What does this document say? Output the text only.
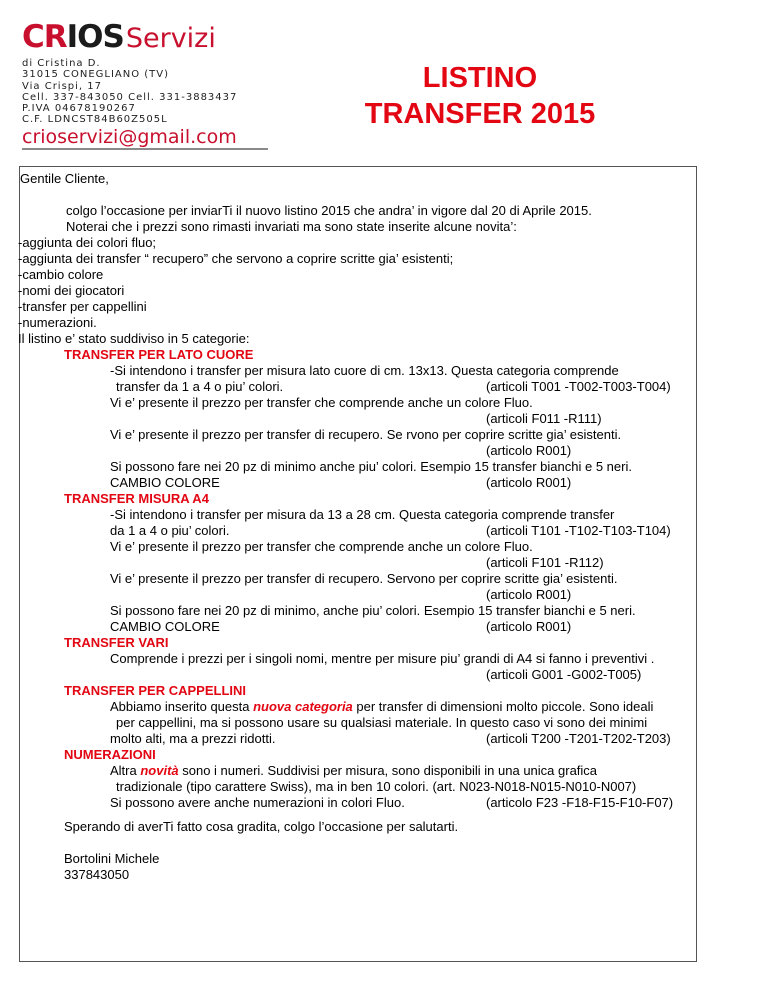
CRIOSServizi
di Cristina D.
31015 CONEGLIANO (TV)
Via Crispi, 17
Cell. 337-843050 Cell. 331-3883437
P.IVA 04678190267
C.F. LDNCST84B60Z505L
crioservizi@gmail.com
LISTINO
TRANSFER 2015
Gentile Cliente,
colgo l’occasione per inviarTi il nuovo listino 2015 che andra’ in vigore dal 20 di Aprile 2015.
Noterai che i prezzi sono rimasti invariati ma sono state inserite alcune novita’:
-aggiunta dei colori fluo;
-aggiunta dei transfer “ recupero” che servono a coprire scritte gia’ esistenti;
-cambio colore
-nomi dei giocatori
-transfer per cappellini
-numerazioni.
Il listino e’ stato suddiviso in 5 categorie:
TRANSFER PER LATO CUORE
-Si intendono i transfer per misura lato cuore di cm. 13x13. Questa categoria comprende
transfer da 1 a 4 o piu’ colori.	(articoli T001 -T002-T003-T004)
Vi e’ presente il prezzo per transfer che comprende anche un colore Fluo.
(articoli F011 -R111)
Vi e’ presente il prezzo per transfer di recupero. Se rvono per coprire scritte gia’ esistenti.
(articolo R001)
Si possono fare nei 20 pz di minimo anche piu’ colori. Esempio 15 transfer bianchi e 5 neri.
CAMBIO COLORE	(articolo R001)
TRANSFER MISURA A4
-Si intendono i transfer per misura da 13 a 28 cm. Questa categoria comprende transfer
da 1 a 4 o piu’ colori.	(articoli T101 -T102-T103-T104)
Vi e’ presente il prezzo per transfer che comprende anche un colore Fluo.
(articoli F101 -R112)
Vi e’ presente il prezzo per transfer di recupero. Servono per coprire scritte gia’ esistenti.
(articolo R001)
Si possono fare nei 20 pz di minimo, anche piu’ colori. Esempio 15 transfer bianchi e 5 neri.
CAMBIO COLORE	(articolo R001)
TRANSFER VARI
Comprende i prezzi per i singoli nomi, mentre per misure piu’ grandi di A4 si fanno i preventivi .
(articoli G001 -G002-T005)
TRANSFER PER CAPPELLINI
Abbiamo inserito questa nuova categoria per transfer di dimensioni molto piccole. Sono ideali
per cappellini, ma si possono usare su qualsiasi materiale. In questo caso vi sono dei minimi
molto alti, ma a prezzi ridotti.	(articoli T200 -T201-T202-T203)
NUMERAZIONI
Altra novità sono i numeri. Suddivisi per misura, sono disponibili in una unica grafica
tradizionale (tipo carattere Swiss), ma in ben 10 colori. (art. N023-N018-N015-N010-N007)
Si possono avere anche numerazioni in colori Fluo.	(articolo F23 -F18-F15-F10-F07)
Sperando di averTi fatto cosa gradita, colgo l’occasione per salutarti.
Bortolini Michele
337843050
